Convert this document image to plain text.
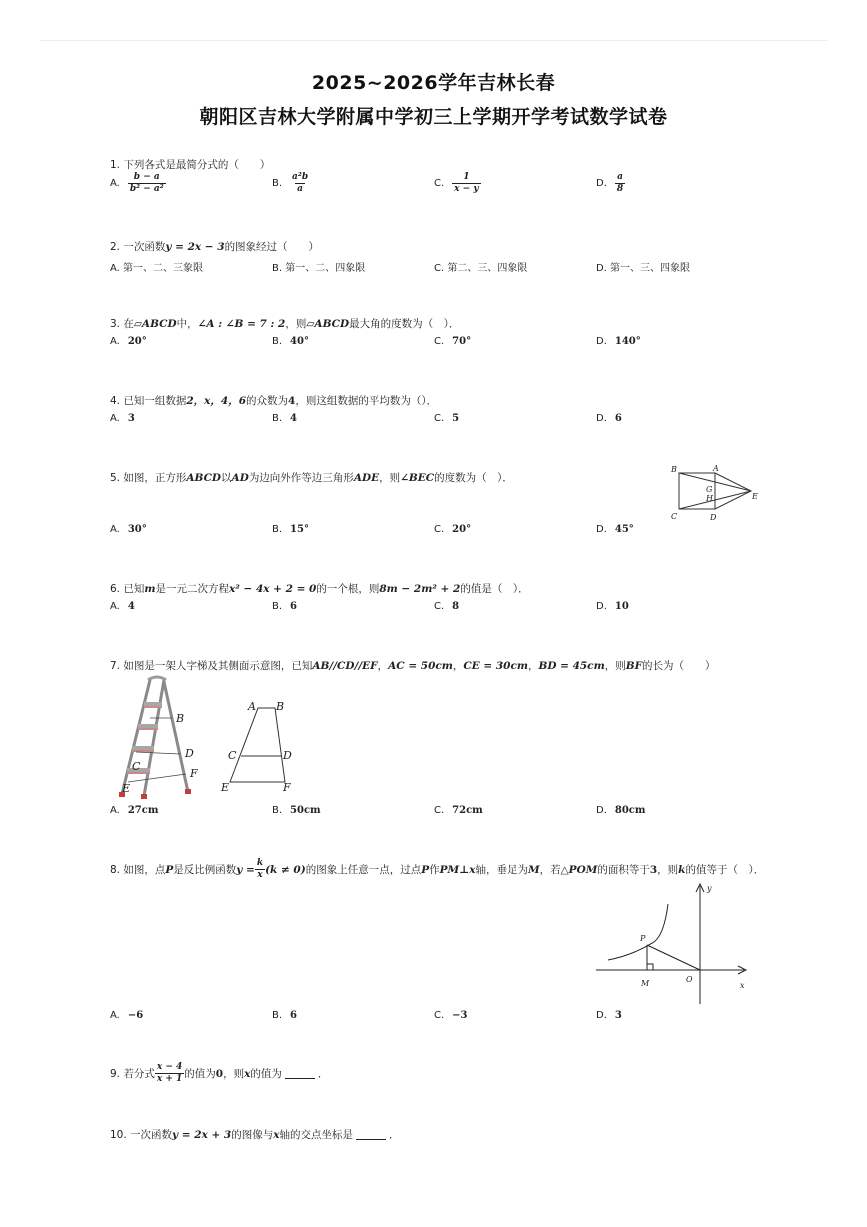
2025~2026学年吉林长春
朝阳区吉林大学附属中学初三上学期开学考试数学试卷
1. 下列各式是最简分式的（　　）
A. $\frac{b - a}{\text{b² − a²}}$	B. $\frac{\text{a²b}}{a}$	C. $\frac{1}{x - y}$	D. $\frac{a}{8}$
2. 一次函数y = 2x − 3的图象经过（　　）
A. 第一、二、三象限	B. 第一、二、四象限	C. 第二、三、四象限	D. 第一、三、四象限
3. 在▱ABCD中，∠A : ∠B = 7 : 2，则▱ABCD最大角的度数为（　）．
A. 20°	B. 40°	C. 70°	D. 140°
4. 已知一组数据2，x，4，6的众数为4，则这组数据的平均数为（）．
A. 3	B. 4	C. 5	D. 6
5. 如图，正方形ABCD以AD为边向外作等边三角形ADE，则∠BEC的度数为（　）．
B	A
G
H	E
C	D
A. 30°	B. 15°	C. 20°	D. 45°
6. 已知m是一元二次方程x² − 4x + 2 = 0的一个根，则8m − 2m² + 2的值是（　）．
A. 4	B. 6	C. 8	D. 10
7. 如图是一架人字梯及其侧面示意图，已知AB//CD//EF，AC = 50cm，CE = 30cm，BD = 45cm，则BF的长为（　　）
B
D
C
E
F
A B
C	D
E	F
A. 27cm	B. 50cm	C. 72cm	D. 80cm
8. 如图，点 P 是反比例函数 $y = \frac{k}{x} (k \ne 0)$ 的图象上任意一点，过点 P 作 PM⊥x 轴，垂足为 M ，若 △POM 的面积等于 3 ，则 k 的值等于（　）．
y
P
M	O
x
A. −6	B. 6	C. −3	D. 3
9. 若分式 $\frac{x - 4}{x + 1}$ 的值为 0 ，则 x 的值为	．
10. 一次函数 y = 2x + 3 的图像与 x 轴的交点坐标是	．
